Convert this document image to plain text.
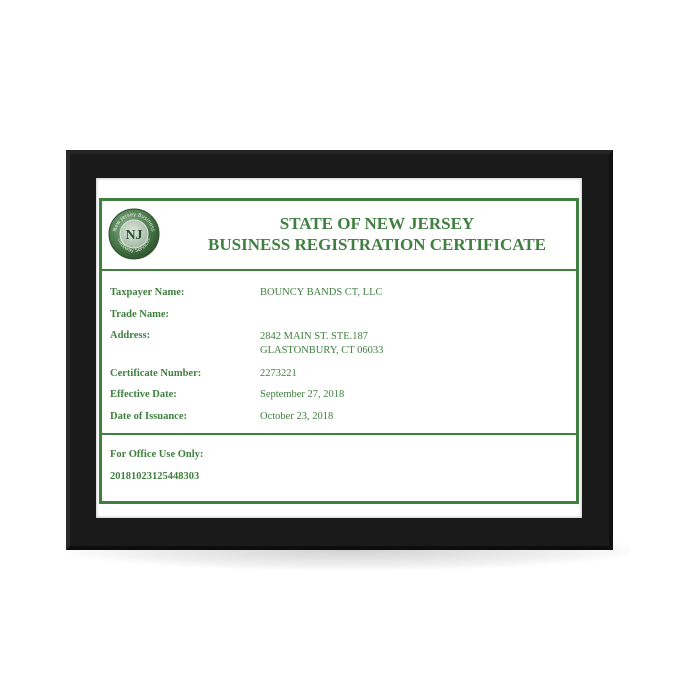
New Jersey Business
Gateway Services
NJ
STATE OF NEW JERSEY
BUSINESS REGISTRATION CERTIFICATE
Taxpayer Name:	BOUNCY BANDS CT, LLC
Trade Name:
Address:	2842 MAIN ST. STE.187
GLASTONBURY, CT 06033
Certificate Number:	2273221
Effective Date:	September 27, 2018
Date of Issuance:	October 23, 2018
For Office Use Only:
20181023125448303
